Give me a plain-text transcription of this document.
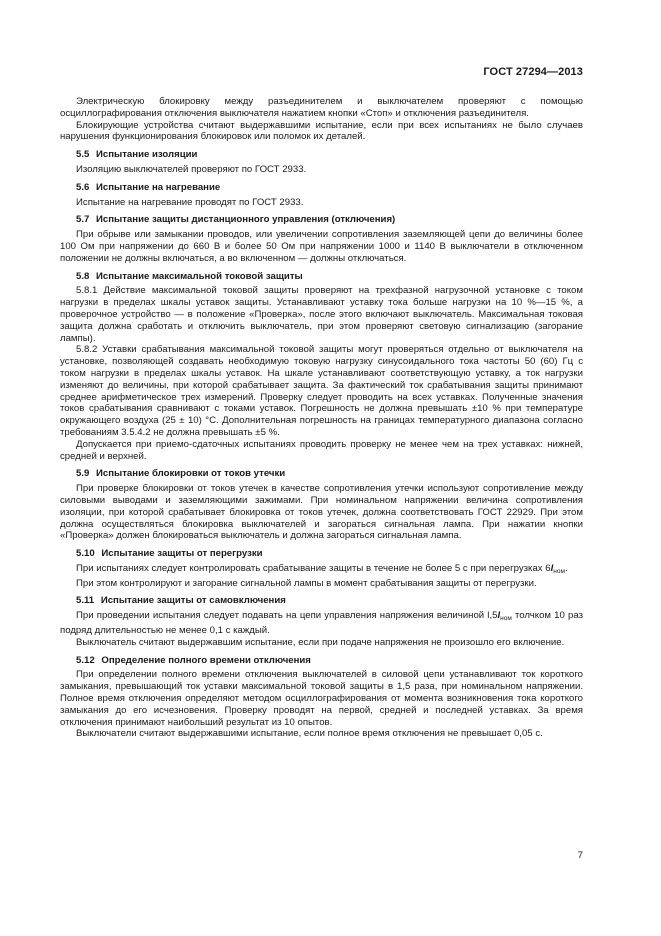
ГОСТ 27294—2013

Электрическую блокировку между разъединителем и выключателем проверяют с помощью осциллографирования отключения выключателя нажатием кнопки «Стоп» и отключения разъединителя.

Блокирующие устройства считают выдержавшими испытание, если при всех испытаниях не было случаев нарушения функционирования блокировок или поломок их деталей.

5.5 Испытание изоляции

Изоляцию выключателей проверяют по ГОСТ 2933.

5.6 Испытание на нагревание

Испытание на нагревание проводят по ГОСТ 2933.

5.7 Испытание защиты дистанционного управления (отключения)

При обрыве или замыкании проводов, или увеличении сопротивления заземляющей цепи до величины более 100 Ом при напряжении до 660 В и более 50 Ом при напряжении 1000 и 1140 В выключатели в отключенном положении не должны включаться, а во включенном — должны отключаться.

5.8 Испытание максимальной токовой защиты

5.8.1 Действие максимальной токовой защиты проверяют на трехфазной нагрузочной установке с током нагрузки в пределах шкалы уставок защиты. Устанавливают уставку тока больше нагрузки на 10 %—15 %, а проверочное устройство — в положение «Проверка», после этого включают выключатель. Максимальная токовая защита должна сработать и отключить выключатель, при этом проверяют световую сигнализацию (загорание лампы).

5.8.2 Уставки срабатывания максимальной токовой защиты могут проверяться отдельно от выключателя на установке, позволяющей создавать необходимую токовую нагрузку синусоидального тока частоты 50 (60) Гц с током нагрузки в пределах шкалы уставок. На шкале устанавливают соответствующую уставку, а ток нагрузки изменяют до величины, при которой срабатывает защита. За фактический ток срабатывания защиты принимают среднее арифметическое трех измерений. Проверку следует проводить на всех уставках. Полученные значения токов срабатывания сравнивают с токами уставок. Погрешность не должна превышать ±10 % при температуре окружающего воздуха (25 ± 10) °С. Дополнительная погрешность на границах температурного диапазона согласно требованиям 3.5.4.2 не должна превышать ±5 %.

Допускается при приемо-сдаточных испытаниях проводить проверку не менее чем на трех уставках: нижней, средней и верхней.

5.9 Испытание блокировки от токов утечки

При проверке блокировки от токов утечек в качестве сопротивления утечки используют сопротивление между силовыми выводами и заземляющими зажимами. При номинальном напряжении величина сопротивления изоляции, при которой срабатывает блокировка от токов утечек, должна соответствовать ГОСТ 22929. При этом должна осуществляться блокировка выключателей и загораться сигнальная лампа. При нажатии кнопки «Проверка» должен блокироваться выключатель и должна загораться сигнальная лампа.

5.10 Испытание защиты от перегрузки

При испытаниях следует контролировать срабатывание защиты в течение не более 5 с при перегрузках $6I_{ном}$.

При этом контролируют и загорание сигнальной лампы в момент срабатывания защиты от перегрузки.

5.11 Испытание защиты от самовключения

При проведении испытания следует подавать на цепи управления напряжения величиной $l,5I_{ном}$ толчком 10 раз подряд длительностью не менее 0,1 с каждый.

Выключатель считают выдержавшим испытание, если при подаче напряжения не произошло его включение.

5.12 Определение полного времени отключения

При определении полного времени отключения выключателей в силовой цепи устанавливают ток короткого замыкания, превышающий ток уставки максимальной токовой защиты в 1,5 раза, при номинальном напряжении. Полное время отключения определяют методом осциллографирования от момента возникновения тока короткого замыкания до его исчезновения. Проверку проводят на первой, средней и последней уставках. За время отключения принимают наибольший результат из 10 опытов.

Выключатели считают выдержавшими испытание, если полное время отключения не превышает 0,05 с.

7
